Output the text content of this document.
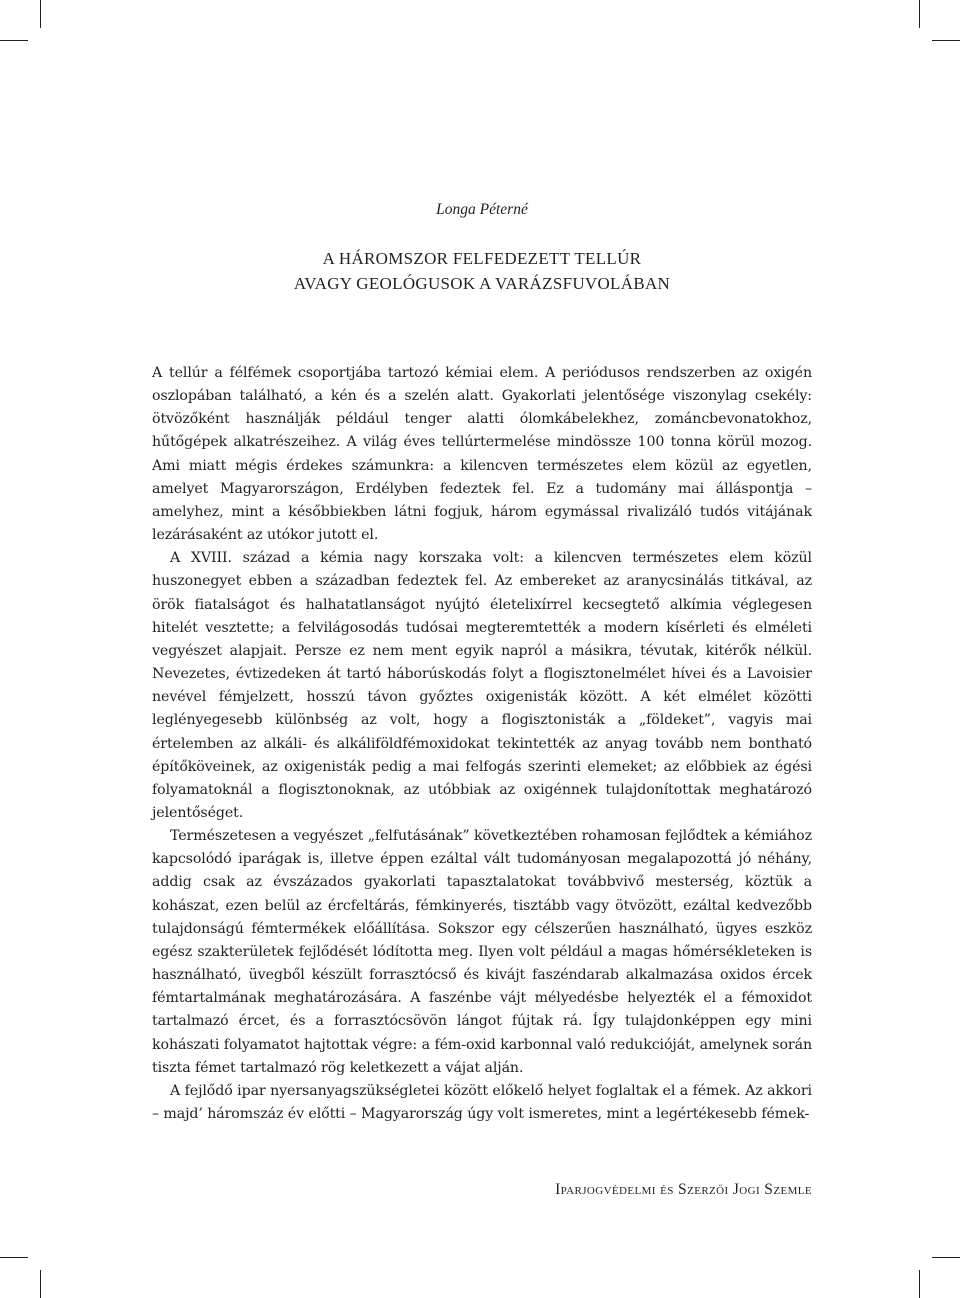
Longa Péterné
A HÁROMSZOR FELFEDEZETT TELLÚR
AVAGY GEOLÓGUSOK A VARÁZSFUVOLÁBAN

A tellúr a félfémek csoportjába tartozó kémiai elem. A periódusos rendszerben az oxigén oszlopában található, a kén és a szelén alatt. Gyakorlati jelentősége viszonylag csekély: ötvözőként használják például tenger alatti ólomkábelekhez, zománcbevonatokhoz, hűtőgépek alkatrészeihez. A világ éves tellúrtermelése mindössze 100 tonna körül mozog. Ami miatt mégis érdekes számunkra: a kilencven természetes elem közül az egyetlen, amelyet Magyarországon, Erdélyben fedeztek fel. Ez a tudomány mai álláspontja – amelyhez, mint a későbbiekben látni fogjuk, három egymással rivalizáló tudós vitájának lezárásaként az utókor jutott el.

A XVIII. század a kémia nagy korszaka volt: a kilencven természetes elem közül huszonegyet ebben a században fedeztek fel. Az embereket az aranycsinálás titkával, az örök fiatalságot és halhatatlanságot nyújtó életelixírrel kecsegtető alkímia véglegesen hitelét vesztette; a felvilágosodás tudósai megteremtették a modern kísérleti és elméleti vegyészet alapjait. Persze ez nem ment egyik napról a másikra, tévutak, kitérők nélkül. Nevezetes, évtizedeken át tartó háborúskodás folyt a flogisztonelmélet hívei és a Lavoisier nevével fémjelzett, hosszú távon győztes oxigenisták között. A két elmélet közötti leglényegesebb különbség az volt, hogy a flogisztonisták a „földeket”, vagyis mai értelemben az alkáli- és alkáliföldfémoxidokat tekintették az anyag tovább nem bontható építőköveinek, az oxigenisták pedig a mai felfogás szerinti elemeket; az előbbiek az égési folyamatoknál a flogisztonoknak, az utóbbiak az oxigénnek tulajdonítottak meghatározó jelentőséget.

Természetesen a vegyészet „felfutásának” következtében rohamosan fejlődtek a kémiához kapcsolódó iparágak is, illetve éppen ezáltal vált tudományosan megalapozottá jó néhány, addig csak az évszázados gyakorlati tapasztalatokat továbbvivő mesterség, köztük a kohászat, ezen belül az ércfeltárás, fémkinyerés, tisztább vagy ötvözött, ezáltal kedvezőbb tulajdonságú fémtermékek előállítása. Sokszor egy célszerűen használható, ügyes eszköz egész szakterületek fejlődését lódította meg. Ilyen volt például a magas hőmérsékleteken is használható, üvegből készült forrasztócső és kivájt faszéndarab alkalmazása oxidos ércek fémtartalmának meghatározására. A faszénbe vájt mélyedésbe helyezték el a fémoxidot tartalmazó ércet, és a forrasztócsövön lángot fújtak rá. Így tulajdonképpen egy mini kohászati folyamatot hajtottak végre: a fém-oxid karbonnal való redukcióját, amelynek során tiszta fémet tartalmazó rög keletkezett a vájat alján.

A fejlődő ipar nyersanyagszükségletei között előkelő helyet foglaltak el a fémek. Az akkori – majd’ háromszáz év előtti – Magyarország úgy volt ismeretes, mint a legértékesebb fémek-

Iparjogvédelmi és Szerzői Jogi Szemle
